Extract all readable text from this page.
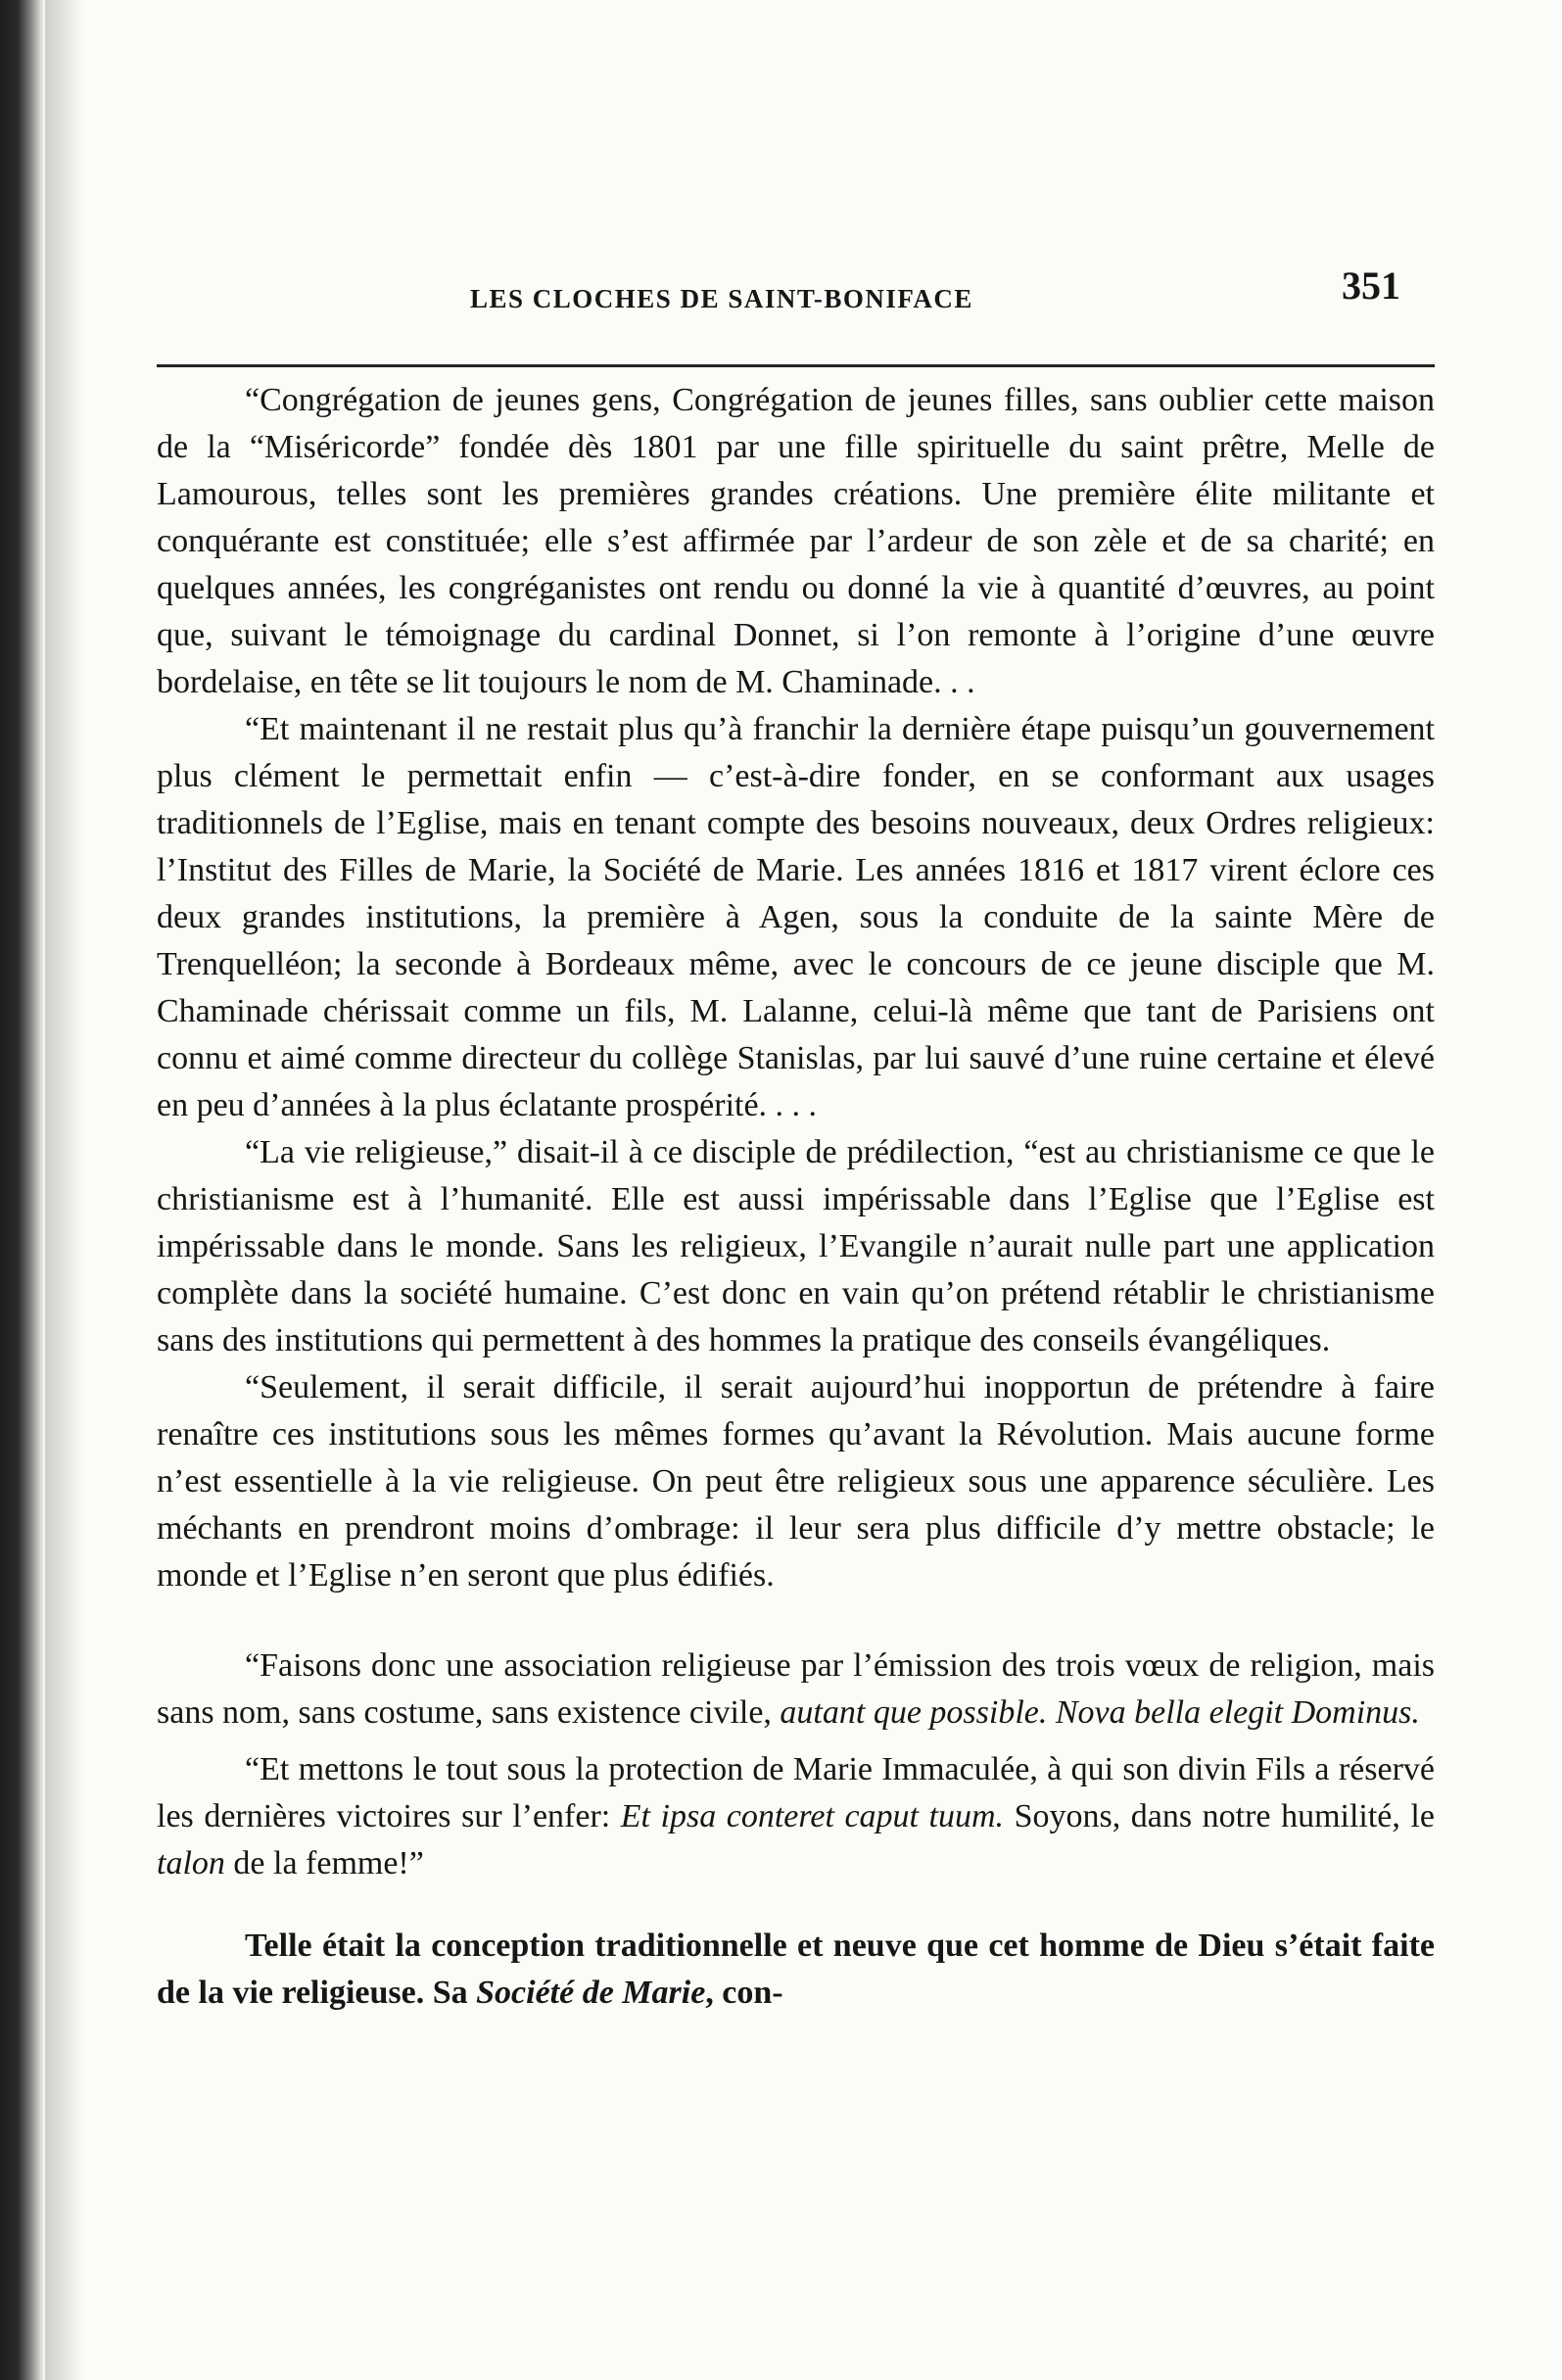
LES CLOCHES DE SAINT-BONIFACE	351

“Congrégation de jeunes gens, Congrégation de jeunes filles, sans oublier cette maison de la “Miséricorde” fondée dès 1801 par une fille spirituelle du saint prêtre, Melle de Lamourous, telles sont les premières grandes créations. Une première élite militante et conquérante est constituée; elle s’est affirmée par l’ardeur de son zèle et de sa charité; en quelques années, les congréganistes ont rendu ou donné la vie à quantité d’œuvres, au point que, suivant le témoignage du cardinal Donnet, si l’on remonte à l’origine d’une œuvre bordelaise, en tête se lit toujours le nom de M. Chaminade. . .

“Et maintenant il ne restait plus qu’à franchir la dernière étape puisqu’un gouvernement plus clément le permettait enfin — c’est-à-dire fonder, en se conformant aux usages traditionnels de l’Eglise, mais en tenant compte des besoins nouveaux, deux Ordres religieux: l’Institut des Filles de Marie, la Société de Marie. Les années 1816 et 1817 virent éclore ces deux grandes institutions, la première à Agen, sous la conduite de la sainte Mère de Trenquelléon; la seconde à Bordeaux même, avec le concours de ce jeune disciple que M. Chaminade chérissait comme un fils, M. Lalanne, celui-là même que tant de Parisiens ont connu et aimé comme directeur du collège Stanislas, par lui sauvé d’une ruine certaine et élevé en peu d’années à la plus éclatante prospérité. . . .

“La vie religieuse,” disait-il à ce disciple de prédilection, “est au christianisme ce que le christianisme est à l’humanité. Elle est aussi impérissable dans l’Eglise que l’Eglise est impérissable dans le monde. Sans les religieux, l’Evangile n’aurait nulle part une application complète dans la société humaine. C’est donc en vain qu’on prétend rétablir le christianisme sans des institutions qui permettent à des hommes la pratique des conseils évangéliques.

“Seulement, il serait difficile, il serait aujourd’hui inopportun de prétendre à faire renaître ces institutions sous les mêmes formes qu’avant la Révolution. Mais aucune forme n’est essentielle à la vie religieuse. On peut être religieux sous une apparence séculière. Les méchants en prendront moins d’ombrage: il leur sera plus difficile d’y mettre obstacle; le monde et l’Eglise n’en seront que plus édifiés.

“Faisons donc une association religieuse par l’émission des trois vœux de religion, mais sans nom, sans costume, sans existence civile, autant que possible. Nova bella elegit Dominus.

“Et mettons le tout sous la protection de Marie Immaculée, à qui son divin Fils a réservé les dernières victoires sur l’enfer: Et ipsa conteret caput tuum. Soyons, dans notre humilité, le talon de la femme!”

Telle était la conception traditionnelle et neuve que cet homme de Dieu s’était faite de la vie religieuse. Sa Société de Marie, con-
